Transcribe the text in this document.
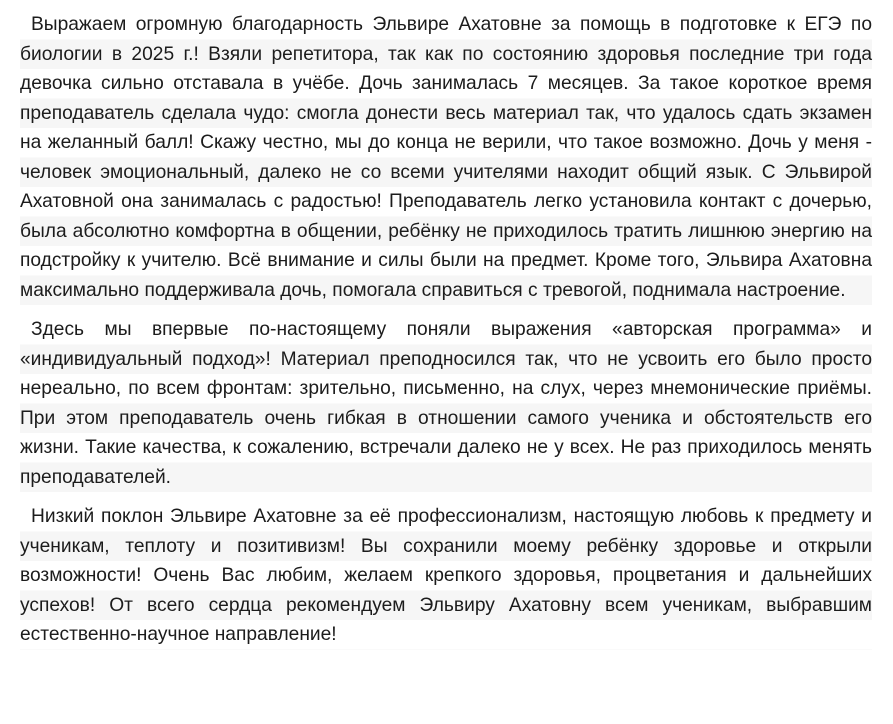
Выражаем огромную благодарность Эльвире Ахатовне за помощь в подготовке к ЕГЭ по биологии в 2025 г.! Взяли репетитора, так как по состоянию здоровья последние три года девочка сильно отставала в учёбе. Дочь занималась 7 месяцев. За такое короткое время преподаватель сделала чудо: смогла донести весь материал так, что удалось сдать экзамен на желанный балл! Скажу честно, мы до конца не верили, что такое возможно. Дочь у меня - человек эмоциональный, далеко не со всеми учителями находит общий язык. С Эльвирой Ахатовной она занималась с радостью! Преподаватель легко установила контакт с дочерью, была абсолютно комфортна в общении, ребёнку не приходилось тратить лишнюю энергию на подстройку к учителю. Всё внимание и силы были на предмет. Кроме того, Эльвира Ахатовна максимально поддерживала дочь, помогала справиться с тревогой, поднимала настроение.

Здесь мы впервые по-настоящему поняли выражения «авторская программа» и «индивидуальный подход»! Материал преподносился так, что не усвоить его было просто нереально, по всем фронтам: зрительно, письменно, на слух, через мнемонические приёмы. При этом преподаватель очень гибкая в отношении самого ученика и обстоятельств его жизни. Такие качества, к сожалению, встречали далеко не у всех. Не раз приходилось менять преподавателей.

Низкий поклон Эльвире Ахатовне за её профессионализм, настоящую любовь к предмету и ученикам, теплоту и позитивизм! Вы сохранили моему ребёнку здоровье и открыли возможности! Очень Вас любим, желаем крепкого здоровья, процветания и дальнейших успехов! От всего сердца рекомендуем Эльвиру Ахатовну всем ученикам, выбравшим естественно-научное направление!
